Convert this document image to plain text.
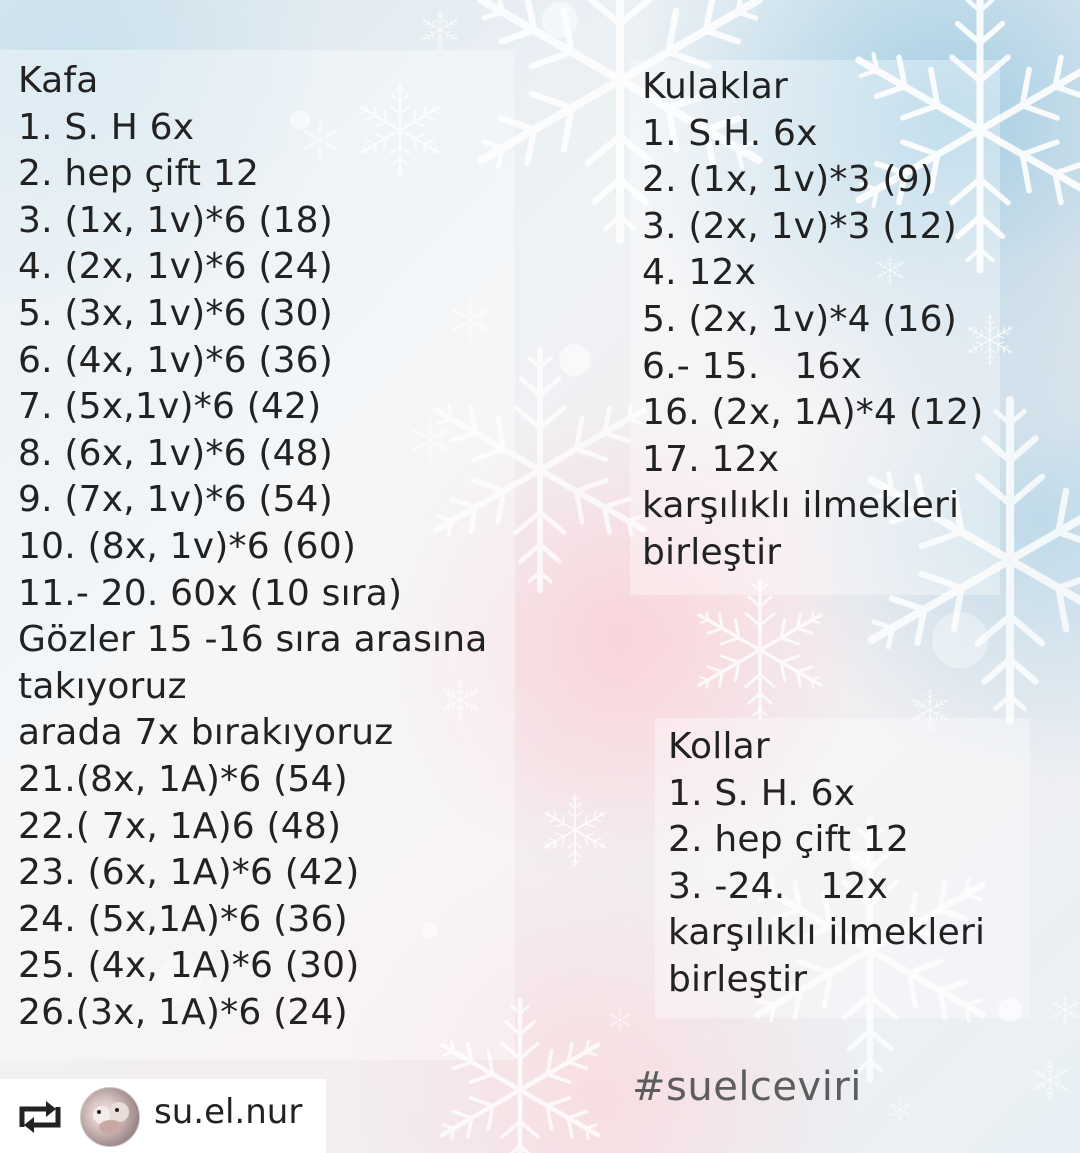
Kafa
1. S. H 6x
2. hep çift 12
3. (1x, 1v)*6 (18)
4. (2x, 1v)*6 (24)
5. (3x, 1v)*6 (30)
6. (4x, 1v)*6 (36)
7. (5x,1v)*6 (42)
8. (6x, 1v)*6 (48)
9. (7x, 1v)*6 (54)
10. (8x, 1v)*6 (60)
11.- 20. 60x (10 sıra)
Gözler 15 -16 sıra arasına
takıyoruz
arada 7x bırakıyoruz
21.(8x, 1A)*6 (54)
22.( 7x, 1A)6 (48)
23. (6x, 1A)*6 (42)
24. (5x,1A)*6 (36)
25. (4x, 1A)*6 (30)
26.(3x, 1A)*6 (24)
Kulaklar
1. S.H. 6x
2. (1x, 1v)*3 (9)
3. (2x, 1v)*3 (12)
4. 12x
5. (2x, 1v)*4 (16)
6.- 15.   16x
16. (2x, 1A)*4 (12)
17. 12x
karşılıklı ilmekleri
birleştir
Kollar
1. S. H. 6x
2. hep çift 12
3. -24.   12x
karşılıklı ilmekleri
birleştir
#suelceviri
su.el.nur
